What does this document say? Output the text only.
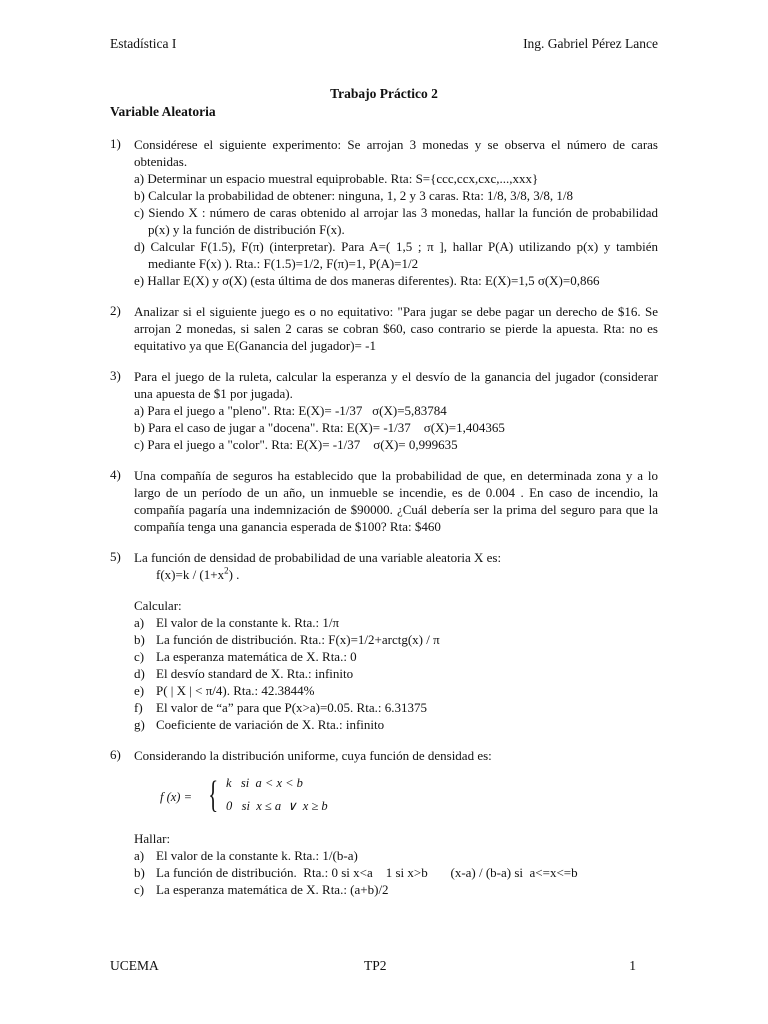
Estadística I	Ing. Gabriel Pérez Lance
Trabajo Práctico 2
Variable Aleatoria
1)	Considérese el siguiente experimento: Se arrojan 3 monedas y se observa el número de caras obtenidas.
a) Determinar un espacio muestral equiprobable. Rta: S={ccc,ccx,cxc,...,xxx}
b) Calcular la probabilidad de obtener: ninguna, 1, 2 y 3 caras. Rta: 1/8, 3/8, 3/8, 1/8
c) Siendo X : número de caras obtenido al arrojar las 3 monedas, hallar la función de probabilidad p(x) y la función de distribución F(x).
d) Calcular F(1.5), F(π) (interpretar). Para A=( 1,5 ; π ], hallar P(A) utilizando p(x) y también mediante F(x) ). Rta.: F(1.5)=1/2, F(π)=1, P(A)=1/2
e) Hallar E(X) y σ(X) (esta última de dos maneras diferentes). Rta: E(X)=1,5 σ(X)=0,866
2)	Analizar si el siguiente juego es o no equitativo: "Para jugar se debe pagar un derecho de $16. Se arrojan 2 monedas, si salen 2 caras se cobran $60, caso contrario se pierde la apuesta. Rta: no es equitativo ya que E(Ganancia del jugador)= -1
3)	Para el juego de la ruleta, calcular la esperanza y el desvío de la ganancia del jugador (considerar una apuesta de $1 por jugada).
a) Para el juego a "pleno". Rta: E(X)= -1/37   σ(X)=5,83784
b) Para el caso de jugar a "docena". Rta: E(X)= -1/37    σ(X)=1,404365
c) Para el juego a "color". Rta: E(X)= -1/37    σ(X)= 0,999635
4)	Una compañía de seguros ha establecido que la probabilidad de que, en determinada zona y a lo largo de un período de un año, un inmueble se incendie, es de 0.004 . En caso de incendio, la compañía pagaría una indemnización de $90000. ¿Cuál debería ser la prima del seguro para que la compañía tenga una ganancia esperada de $100? Rta: $460
5)	La función de densidad de probabilidad de una variable aleatoria X es:
$f(x)=k / (1+x^2)$ .
Calcular:
a) El valor de la constante k. Rta.: 1/π
b) La función de distribución. Rta.: F(x)=1/2+arctg(x) / π
c) La esperanza matemática de X. Rta.: 0
d) El desvío standard de X. Rta.: infinito
e) P( | X | < π/4). Rta.: 42.3844%
f) El valor de “a” para que P(x>a)=0.05. Rta.: 6.31375
g) Coeficiente de variación de X. Rta.: infinito
6)	Considerando la distribución uniforme, cuya función de densidad es:
f (x) = { k   si  a < x < b
0   si  x ≤ a  ∨  x ≥ b
Hallar:
a) El valor de la constante k. Rta.: 1/(b-a)
b) La función de distribución.  Rta.: 0 si x<a    1 si x>b       (x-a) / (b-a) si  a<=x<=b
c) La esperanza matemática de X. Rta.: (a+b)/2
UCEMA	TP2	1
